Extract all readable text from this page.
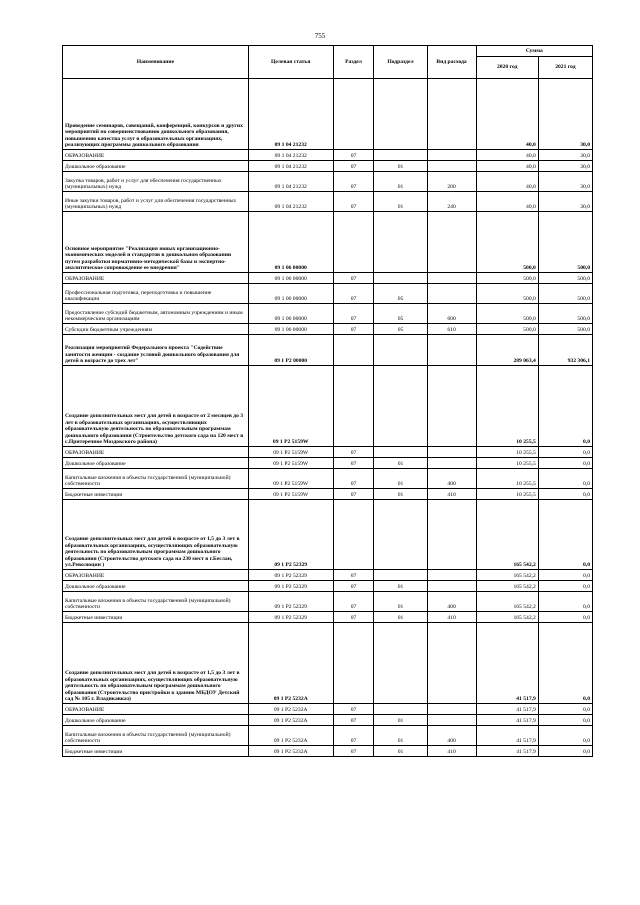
755
Наименование	Целевая статья	Раздел	Подраздел	Вид расхода	Сумма	
					2020 год	2021 год
Проведение семинаров, совещаний, конференций, конкурсов и других мероприятий по совершенствованию дошкольного образования, повышению качества услуг в образовательных организациях, реализующих программы дошкольного образования	09 1 04 21232				40,0	30,0
ОБРАЗОВАНИЕ	09 1 04 21232	07			40,0	30,0
Дошкольное образование	09 1 04 21232	07	01		40,0	30,0
Закупка товаров, работ и услуг для обеспечения государственных (муниципальных) нужд	09 1 04 21232	07	01	200	40,0	30,0
Иные закупки товаров, работ и услуг для обеспечения государственных (муниципальных) нужд	09 1 04 21232	07	01	240	40,0	30,0
Основное мероприятие "Реализация новых организационно-экономических моделей и стандартов в дошкольном образовании путем разработки нормативно-методической базы и экспертно-аналитическое сопровождение ее внедрения"	09 1 06 00000				500,0	500,0
ОБРАЗОВАНИЕ	09 1 06 00000	07			500,0	500,0
Профессиональная подготовка, переподготовка и повышение квалификации	09 1 06 00000	07	05		500,0	500,0
Предоставление субсидий бюджетным, автономным учреждениям и иным некоммерческим организациям	09 1 06 00000	07	05	600	500,0	500,0
Субсидии бюджетным учреждениям	09 1 06 00000	07	05	610	500,0	500,0
Реализация мероприятий Федерального проекта "Содействие занятости женщин - создание условий дошкольного образования для детей в возрасте до трех лет"	09 1 P2 00000				289 063,4	932 306,1
Создание дополнительных мест для детей в возрасте от 2 месяцев до 3 лет в образовательных организациях, осуществляющих образовательную деятельность по образовательным программам дошкольного образования (Строительство детского сада на 120 мест в с.Притеречное Моздокского района)	09 1 P2 5159W				10 255,5	0,0
ОБРАЗОВАНИЕ	09 1 P2 5159W	07			10 255,5	0,0
Дошкольное образование	09 1 P2 5159W	07	01		10 255,5	0,0
Капитальные вложения в объекты государственной (муниципальной) собственности	09 1 P2 5159W	07	01	400	10 255,5	0,0
Бюджетные инвестиции	09 1 P2 5159W	07	01	410	10 255,5	0,0
Создание дополнительных мест для детей в возрасте от 1,5 до 3 лет в образовательных организациях, осуществляющих образовательную деятельность по образовательным программам дошкольного образования (Строительство детского сада на 230 мест в г.Беслан, ул.Революции )	09 1 P2 52329				165 542,2	0,0
ОБРАЗОВАНИЕ	09 1 P2 52329	07			165 542,2	0,0
Дошкольное образование	09 1 P2 52329	07	01		165 542,2	0,0
Капитальные вложения в объекты государственной (муниципальной) собственности	09 1 P2 52329	07	01	400	165 542,2	0,0
Бюджетные инвестиции	09 1 P2 52329	07	01	410	165 542,2	0,0
Создание дополнительных мест для детей в возрасте от 1,5 до 3 лет в образовательных организациях, осуществляющих образовательную деятельность по образовательным программам дошкольного образования (Строительство пристройки к зданию МБДОУ Детский сад № 105 г. Владикавказ)	09 1 P2 5232A				41 517,9	0,0
ОБРАЗОВАНИЕ	09 1 P2 5232A	07			41 517,9	0,0
Дошкольное образование	09 1 P2 5232A	07	01		41 517,9	0,0
Капитальные вложения в объекты государственной (муниципальной) собственности	09 1 P2 5232A	07	01	400	41 517,9	0,0
Бюджетные инвестиции	09 1 P2 5232A	07	01	410	41 517,9	0,0
